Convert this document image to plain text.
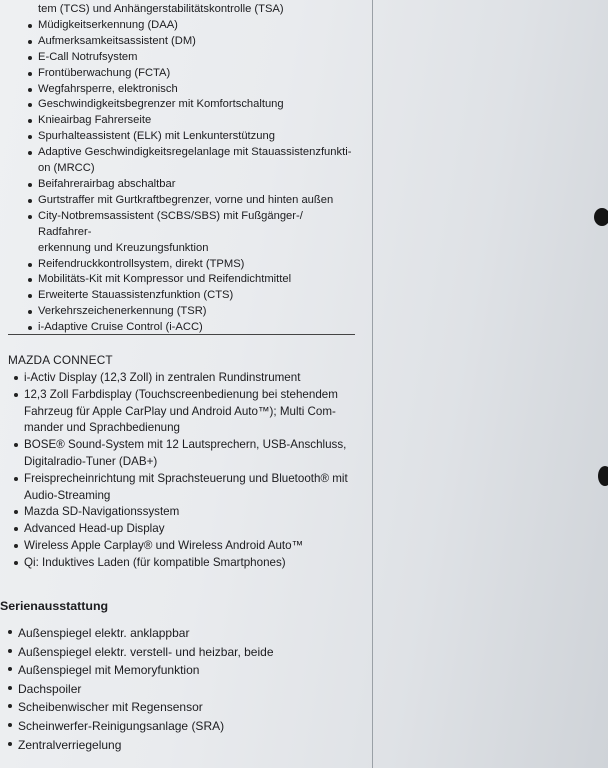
tem (TCS) und Anhängerstabilitätskontrolle (TSA)
Müdigkeitserkennung (DAA)
Aufmerksamkeitsassistent (DM)
E-Call Notrufsystem
Frontüberwachung (FCTA)
Wegfahrsperre, elektronisch
Geschwindigkeitsbegrenzer mit Komfortschaltung
Knieairbag Fahrerseite
Spurhalteassistent (ELK) mit Lenkunterstützung
Adaptive Geschwindigkeitsregelanlage mit Stauassistenzfunkti-
on (MRCC)
Beifahrerairbag abschaltbar
Gurtstraffer mit Gurtkraftbegrenzer, vorne und hinten außen
City-Notbremsassistent (SCBS/SBS) mit Fußgänger-/ Radfahrer-
erkennung und Kreuzungsfunktion
Reifendruckkontrollsystem, direkt (TPMS)
Mobilitäts-Kit mit Kompressor und Reifendichtmittel
Erweiterte Stauassistenzfunktion (CTS)
Verkehrszeichenerkennung (TSR)
i-Adaptive Cruise Control (i-ACC)
MAZDA CONNECT
i-Activ Display (12,3 Zoll) in zentralen Rundinstrument
12,3 Zoll Farbdisplay (Touchscreenbedienung bei stehendem
Fahrzeug für Apple CarPlay und Android Auto™); Multi Com-
mander und Sprachbedienung
BOSE® Sound-System mit 12 Lautsprechern, USB-Anschluss,
Digitalradio-Tuner (DAB+)
Freisprecheinrichtung mit Sprachsteuerung und Bluetooth® mit
Audio-Streaming
Mazda SD-Navigationssystem
Advanced Head-up Display
Wireless Apple Carplay® und Wireless Android Auto™
Qi: Induktives Laden (für kompatible Smartphones)
Serienausstattung
Außenspiegel elektr. anklappbar
Außenspiegel elektr. verstell- und heizbar, beide
Außenspiegel mit Memoryfunktion
Dachspoiler
Scheibenwischer mit Regensensor
Scheinwerfer-Reinigungsanlage (SRA)
Zentralverriegelung
